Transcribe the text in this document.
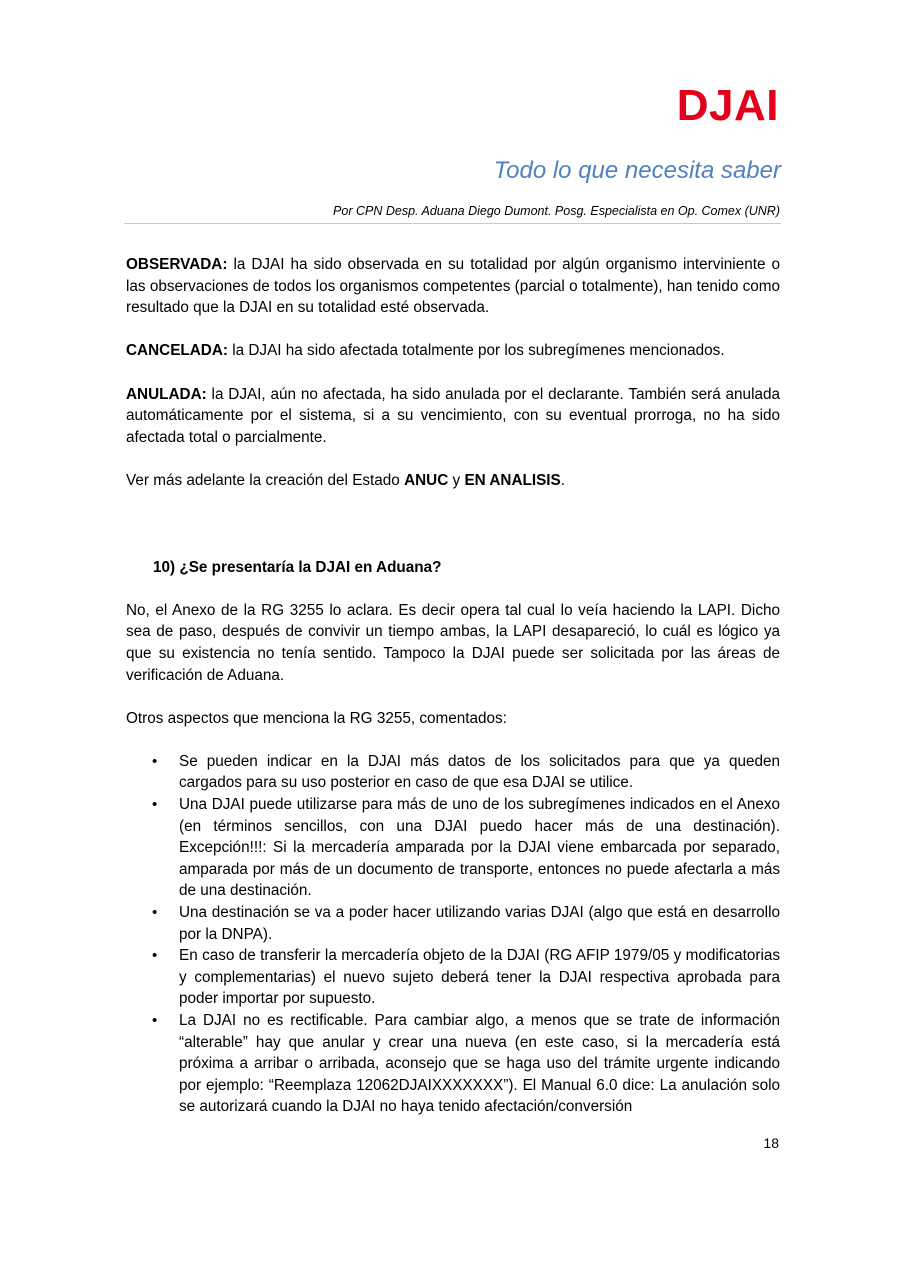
DJAI
Todo lo que necesita saber
Por CPN Desp. Aduana Diego Dumont. Posg. Especialista en Op. Comex (UNR)

OBSERVADA: la DJAI ha sido observada en su totalidad por algún organismo interviniente o las observaciones de todos los organismos competentes (parcial o totalmente), han tenido como resultado que la DJAI en su totalidad esté observada.

CANCELADA: la DJAI ha sido afectada totalmente por los subregímenes mencionados.

ANULADA: la DJAI, aún no afectada, ha sido anulada por el declarante. También será anulada automáticamente por el sistema, si a su vencimiento, con su eventual prorroga, no ha sido afectada total o parcialmente.

Ver más adelante la creación del Estado ANUC y EN ANALISIS.

10) ¿Se presentaría la DJAI en Aduana?

No, el Anexo de la RG 3255 lo aclara. Es decir opera tal cual lo veía haciendo la LAPI. Dicho sea de paso, después de convivir un tiempo ambas, la LAPI desapareció, lo cuál es lógico ya que su existencia no tenía sentido. Tampoco la DJAI puede ser solicitada por las áreas de verificación de Aduana.

Otros aspectos que menciona la RG 3255, comentados:

• Se pueden indicar en la DJAI más datos de los solicitados para que ya queden cargados para su uso posterior en caso de que esa DJAI se utilice.
• Una DJAI puede utilizarse para más de uno de los subregímenes indicados en el Anexo (en términos sencillos, con una DJAI puedo hacer más de una destinación). Excepción!!!: Si la mercadería amparada por la DJAI viene embarcada por separado, amparada por más de un documento de transporte, entonces no puede afectarla a más de una destinación.
• Una destinación se va a poder hacer utilizando varias DJAI (algo que está en desarrollo por la DNPA).
• En caso de transferir la mercadería objeto de la DJAI (RG AFIP 1979/05 y modificatorias y complementarias) el nuevo sujeto deberá tener la DJAI respectiva aprobada para poder importar por supuesto.
• La DJAI no es rectificable. Para cambiar algo, a menos que se trate de información “alterable” hay que anular y crear una nueva (en este caso, si la mercadería está próxima a arribar o arribada, aconsejo que se haga uso del trámite urgente indicando por ejemplo: “Reemplaza 12062DJAIXXXXXXX”). El Manual 6.0 dice: La anulación solo se autorizará cuando la DJAI no haya tenido afectación/conversión
18
